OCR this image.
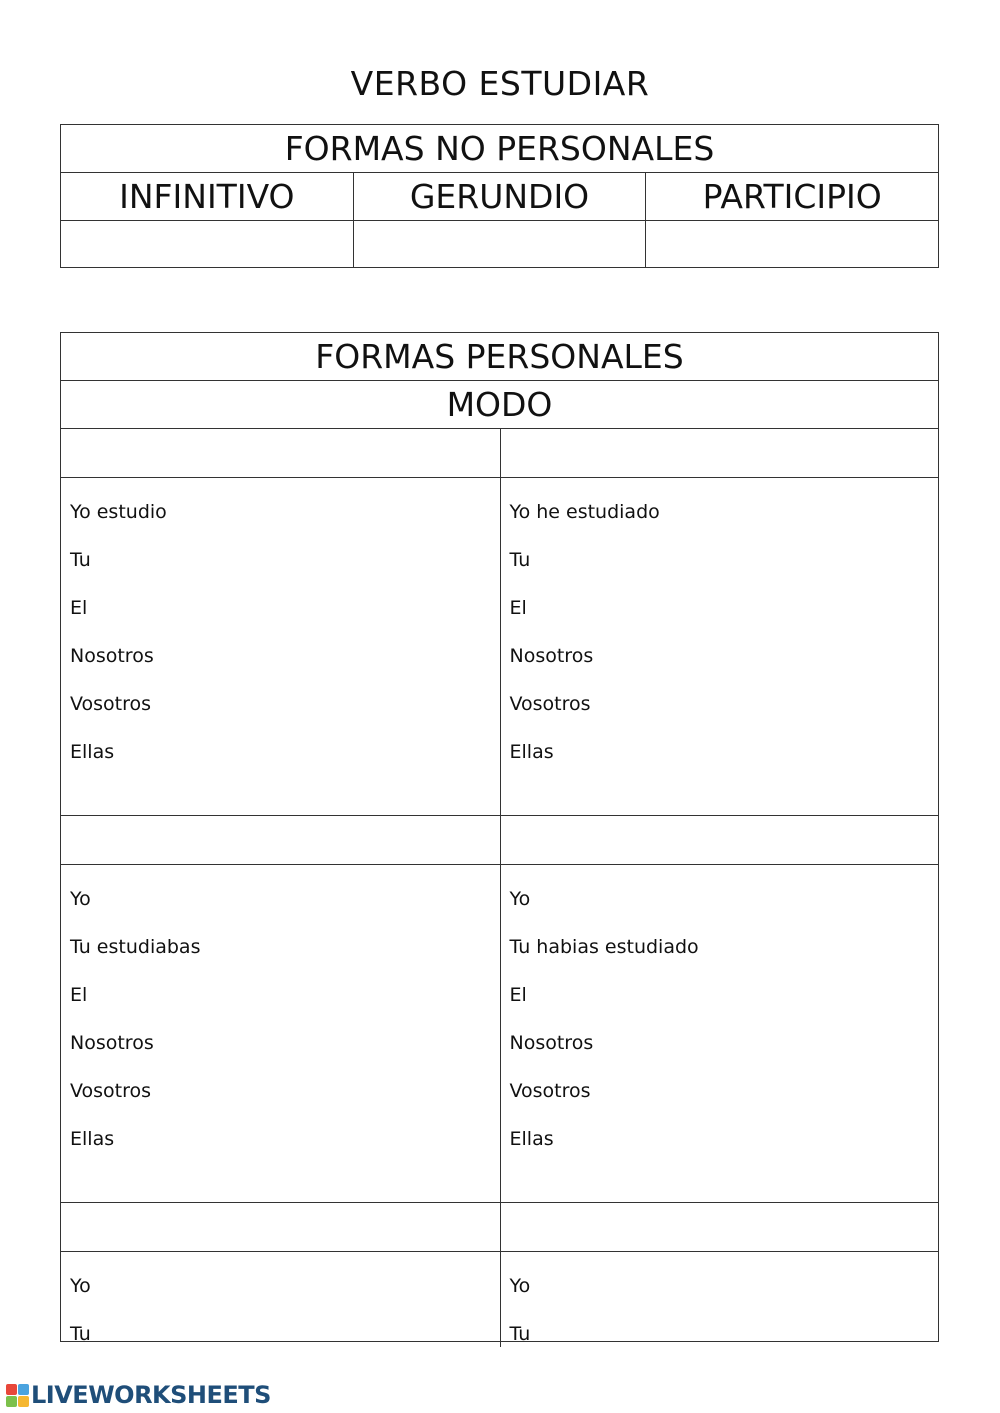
VERBO ESTUDIAR
FORMAS NO PERSONALES
INFINITIVO	GERUNDIO	PARTICIPIO
FORMAS PERSONALES
MODO
Yo estudio
Tu
El
Nosotros
Vosotros
Ellas
Yo he estudiado
Tu
El
Nosotros
Vosotros
Ellas
Yo
Tu estudiabas
El
Nosotros
Vosotros
Ellas
Yo
Tu habias estudiado
El
Nosotros
Vosotros
Ellas
Yo
Tu
Yo
Tu
LIVEWORKSHEETS
